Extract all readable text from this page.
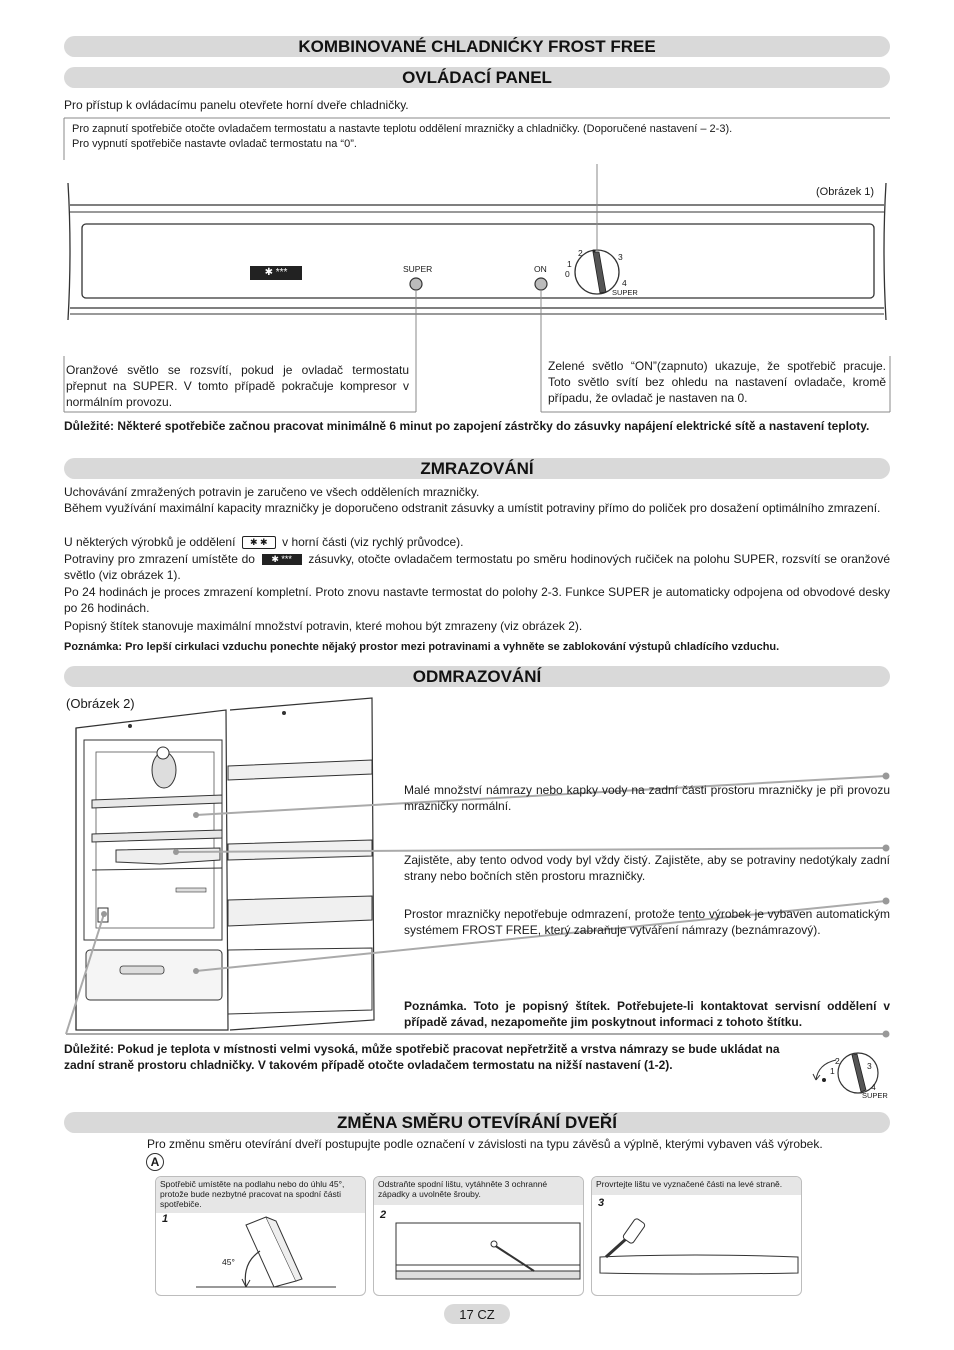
KOMBINOVANÉ CHLADNIĆKY FROST FREE
OVLÁDACÍ PANEL
Pro přístup k ovládacímu panelu otevřete horní dveře chladničky.
Pro zapnutí spotřebiče otočte ovladačem termostatu a nastavte teplotu oddělení mrazničky a chladničky. (Doporučené nastavení – 2-3).
Pro vypnutí spotřebiče nastavte ovladač termostatu na “0”.
(Obrázek 1)
✱ ***	SUPER	ON
2	3
1
0
4
SUPER
Oranžové světlo se rozsvítí, pokud je ovladač termostatu přepnut na SUPER. V tomto případě pokračuje kompresor v normálním provozu.
Zelené světlo “ON”(zapnuto) ukazuje, že spotřebič pracuje. Toto světlo svítí bez ohledu na nastavení ovladače, kromě případu, že ovladač je nastaven na 0.
Důležité: Některé spotřebiče začnou pracovat minimálně 6 minut po zapojení zástrčky do zásuvky napájení elektrické sítě a nastavení teploty.
ZMRAZOVÁNÍ
Uchovávání zmražených potravin je zaručeno ve všech odděleních mrazničky.
Během využívání maximální kapacity mrazničky je doporučeno odstranit zásuvky a umístit potraviny přímo do poliček pro dosažení optimálního zmrazení.
U některých výrobků je oddělení ✱ ✱ v horní části (viz rychlý průvodce).
Potraviny pro zmrazení umístěte do ✱ *** zásuvky, otočte ovladačem termostatu po směru hodinových ručiček na polohu SUPER, rozsvítí se oranžové světlo (viz obrázek 1).
Po 24 hodinách je proces zmrazení kompletní. Proto znovu nastavte termostat do polohy 2-3. Funkce SUPER je automaticky odpojena od obvodové desky po 26 hodinách.
Popisný štítek stanovuje maximální množství potravin, které mohou být zmrazeny (viz obrázek 2).
Poznámka: Pro lepší cirkulaci vzduchu ponechte nějaký prostor mezi potravinami a vyhněte se zablokování výstupů chladícího vzduchu.
ODMRAZOVÁNÍ
(Obrázek 2)
Malé množství námrazy nebo kapky vody na zadní části prostoru mrazničky je při provozu mrazničky normální.
Zajistěte, aby tento odvod vody byl vždy čistý. Zajistěte, aby se potraviny nedotýkaly zadní strany nebo bočních stěn prostoru mrazničky.
Prostor mrazničky nepotřebuje odmrazení, protože tento výrobek je vybaven automatickým systémem FROST FREE, který zabraňuje vytváření námrazy (beznámrazový).
Poznámka. Toto je popisný štítek. Potřebujete-li kontaktovat servisní oddělení v případě závad, nezapomeňte jim poskytnout informaci z tohoto štítku.
Důležité: Pokud je teplota v místnosti velmi vysoká, může spotřebič pracovat nepřetržitě a vrstva námrazy se bude ukládat na zadní straně prostoru chladničky. V takovém případě otočte ovladačem termostatu na nižší nastavení (1-2).	2	3
1
4
SUPER
ZMĚNA SMĚRU OTEVÍRÁNÍ DVEŘÍ
Pro změnu směru otevírání dveří postupujte podle označení v závislosti na typu závěsů a výplně, kterými vybaven váš výrobek.
A
Spotřebič umístěte na podlahu nebo do úhlu 45°, protože bude nezbytné pracovat na spodní části spotřebiče.
1
45°
Odstraňte spodní lištu, vytáhněte 3 ochranné západky a uvolněte šrouby.
2
Provrtejte lištu ve vyznačené části na levé straně.
3
17 CZ
